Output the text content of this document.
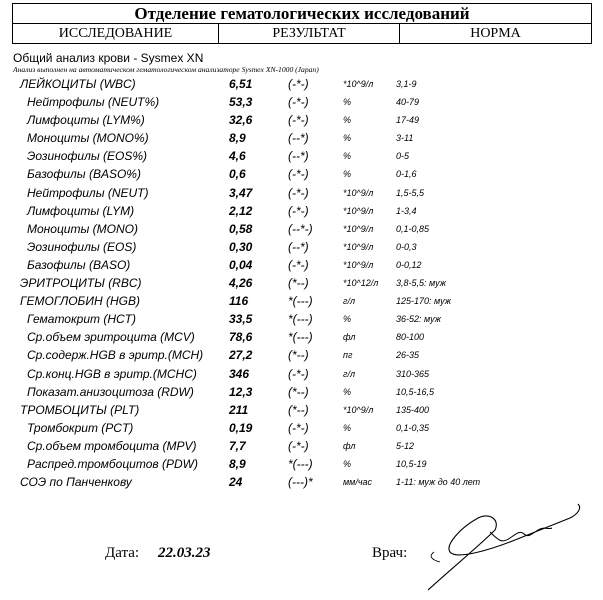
Отделение гематологических исследований
ИССЛЕДОВАНИЕ	РЕЗУЛЬТАТ	НОРМА
Общий анализ крови - Sysmex XN
Анализ выполнен на автоматическом гематологическом анализаторе Sysmex XN-1000 (Japan)
ЛЕЙКОЦИТЫ (WBC)	6,51	(-*-)	*10^9/л	3,1-9
Нейтрофилы (NEUT%)	53,3	(-*-)	%	40-79
Лимфоциты (LYM%)	32,6	(-*-)	%	17-49
Моноциты (MONO%)	8,9	(--*)	%	3-11
Эозинофилы (EOS%)	4,6	(--*)	%	0-5
Базофилы (BASO%)	0,6	(-*-)	%	0-1,6
Нейтрофилы (NEUT)	3,47	(-*-)	*10^9/л	1,5-5,5
Лимфоциты (LYM)	2,12	(-*-)	*10^9/л	1-3,4
Моноциты (MONO)	0,58	(--*-)	*10^9/л	0,1-0,85
Эозинофилы (EOS)	0,30	(--*)	*10^9/л	0-0,3
Базофилы (BASO)	0,04	(-*-)	*10^9/л	0-0,12
ЭРИТРОЦИТЫ (RBC)	4,26	(*--)	*10^12/л 3,8-5,5: муж
ГЕМОГЛОБИН (HGB)	116	*(---)	г/л	125-170: муж
Гематокрит (HCT)	33,5	*(---)	%	36-52: муж
Ср.объем эритроцита (MCV)	78,6	*(---)	фл	80-100
Ср.содерж.HGB в эритр.(MCH) 27,2	(*--)	пг	26-35
Ср.конц.HGB в эритр.(MCHC)	346	(-*-)	г/л	310-365
Показат.анизоцитоза (RDW)	12,3	(*--)	%	10,5-16,5
ТРОМБОЦИТЫ (PLT)	211	(*--)	*10^9/л	135-400
Тромбокрит (PCT)	0,19	(-*-)	%	0,1-0,35
Ср.объем тромбоцита (MPV)	7,7	(-*-)	фл	5-12
Распред.тромбоцитов (PDW)	8,9	*(---)	%	10,5-19
СОЭ по Панченкову	24	(---)*	мм/час	1-11: муж до 40 лет
Дата: 22.03.23	Врач:
